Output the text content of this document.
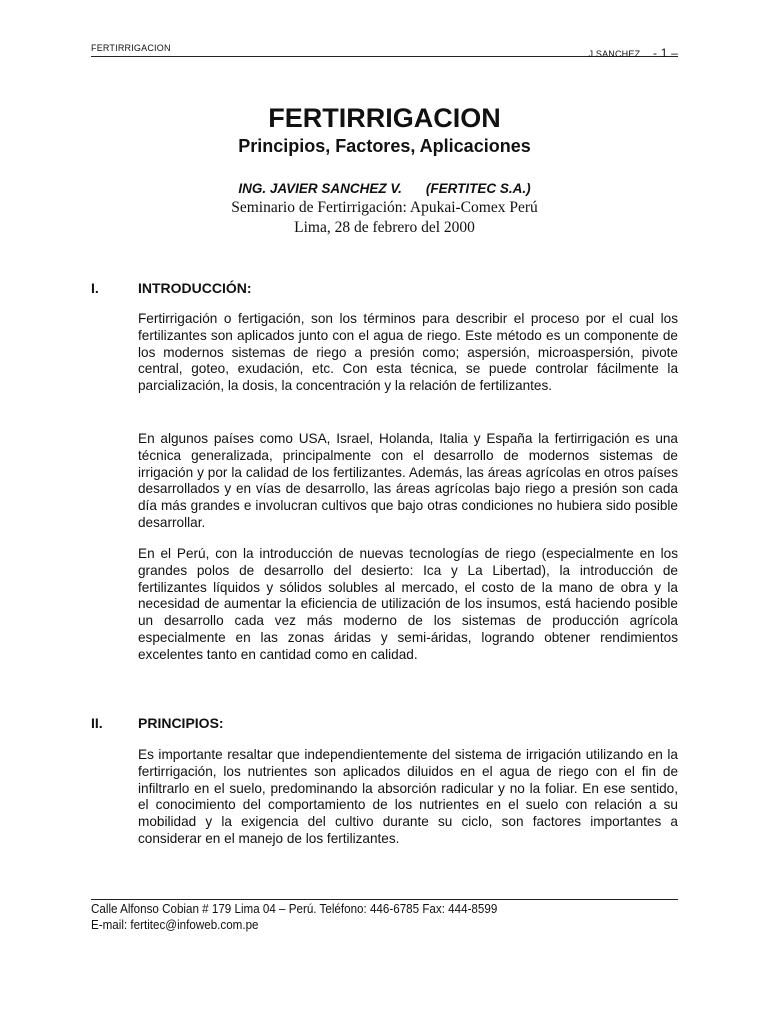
FERTIRRIGACION
J.SANCHEZ - 1 –
FERTIRRIGACION
Principios, Factores, Aplicaciones
ING. JAVIER SANCHEZ V. (FERTITEC S.A.)
Seminario de Fertirrigación: Apukai-Comex Perú
Lima, 28 de febrero del 2000
I.	INTRODUCCIÓN:

Fertirrigación o fertigación, son los términos para describir el proceso por el cual los fertilizantes son aplicados junto con el agua de riego. Este método es un componente de los modernos sistemas de riego a presión como; aspersión, microaspersión, pivote central, goteo, exudación, etc. Con esta técnica, se puede controlar fácilmente la parcialización, la dosis, la concentración y la relación de fertilizantes.

En algunos países como USA, Israel, Holanda, Italia y España la fertirrigación es una técnica generalizada, principalmente con el desarrollo de modernos sistemas de irrigación y por la calidad de los fertilizantes. Además, las áreas agrícolas en otros países desarrollados y en vías de desarrollo, las áreas agrícolas bajo riego a presión son cada día más grandes e involucran cultivos que bajo otras condiciones no hubiera sido posible desarrollar.

En el Perú, con la introducción de nuevas tecnologías de riego (especialmente en los grandes polos de desarrollo del desierto: Ica y La Libertad), la introducción de fertilizantes líquidos y sólidos solubles al mercado, el costo de la mano de obra y la necesidad de aumentar la eficiencia de utilización de los insumos, está haciendo posible un desarrollo cada vez más moderno de los sistemas de producción agrícola especialmente en las zonas áridas y semi-áridas, logrando obtener rendimientos excelentes tanto en cantidad como en calidad.

II.	PRINCIPIOS:

Es importante resaltar que independientemente del sistema de irrigación utilizando en la fertirrigación, los nutrientes son aplicados diluidos en el agua de riego con el fin de infiltrarlo en el suelo, predominando la absorción radicular y no la foliar. En ese sentido, el conocimiento del comportamiento de los nutrientes en el suelo con relación a su mobilidad y la exigencia del cultivo durante su ciclo, son factores importantes a considerar en el manejo de los fertilizantes.

Calle Alfonso Cobian # 179 Lima 04 – Perú. Teléfono: 446-6785 Fax: 444-8599
E-mail: fertitec@infoweb.com.pe
